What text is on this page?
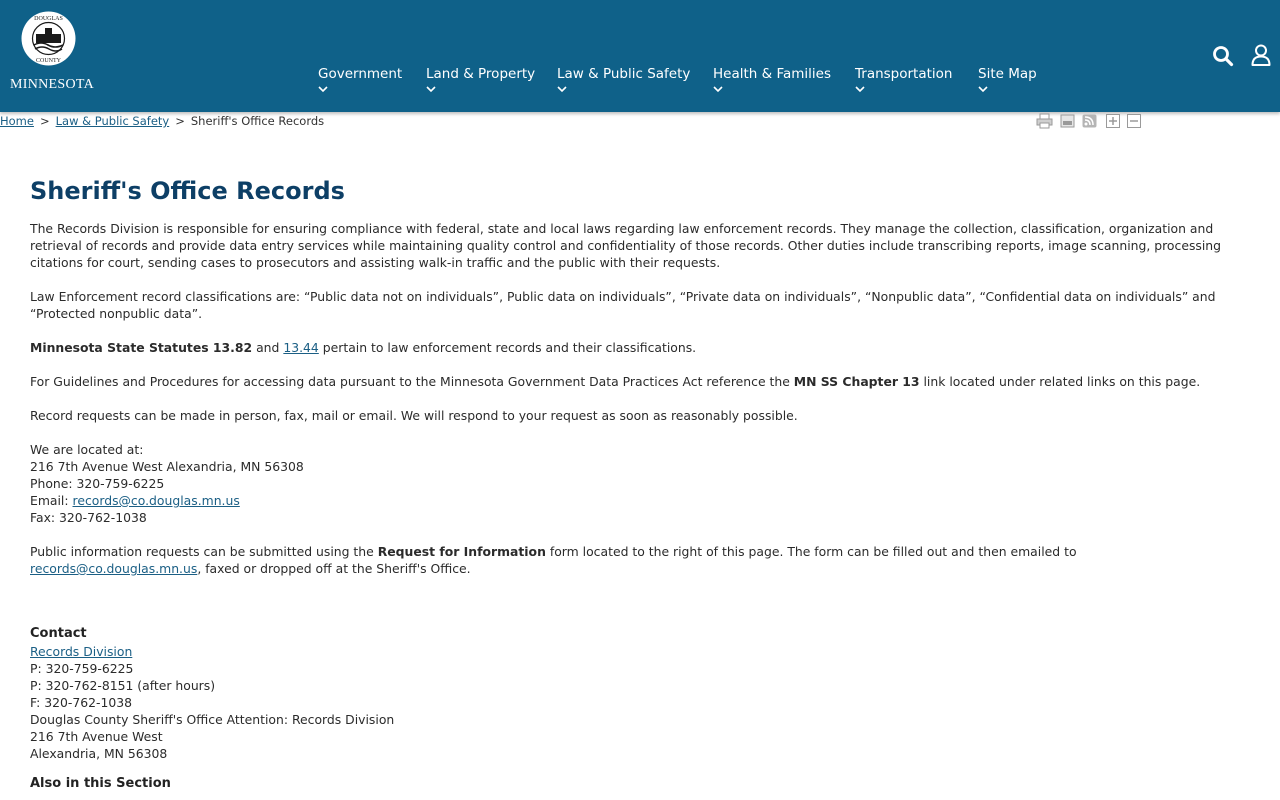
DOUGLAS
COUNTY
MINNESOTA
Government Land & Property Law & Public Safety Health & Families Transportation Site Map
Home > Law & Public Safety > Sheriff's Office Records
Sheriff's Office Records

The Records Division is responsible for ensuring compliance with federal, state and local laws regarding law enforcement records. They manage the collection, classification, organization and retrieval of records and provide data entry services while maintaining quality control and confidentiality of those records. Other duties include transcribing reports, image scanning, processing citations for court, sending cases to prosecutors and assisting walk-in traffic and the public with their requests.

Law Enforcement record classifications are: “Public data not on individuals”, Public data on individuals”, “Private data on individuals”, “Nonpublic data”, “Confidential data on individuals” and “Protected nonpublic data”.

Minnesota State Statutes 13.82 and 13.44 pertain to law enforcement records and their classifications.

For Guidelines and Procedures for accessing data pursuant to the Minnesota Government Data Practices Act reference the MN SS Chapter 13 link located under related links on this page.

Record requests can be made in person, fax, mail or email. We will respond to your request as soon as reasonably possible.

We are located at:
216 7th Avenue West Alexandria, MN 56308
Phone: 320-759-6225
Email: records@co.douglas.mn.us
Fax: 320-762-1038

Public information requests can be submitted using the Request for Information form located to the right of this page. The form can be filled out and then emailed to records@co.douglas.mn.us, faxed or dropped off at the Sheriff's Office.

Contact

Records Division
P: 320-759-6225
P: 320-762-8151 (after hours)
F: 320-762-1038
Douglas County Sheriff's Office Attention: Records Division
216 7th Avenue West
Alexandria, MN 56308

Also in this Section
